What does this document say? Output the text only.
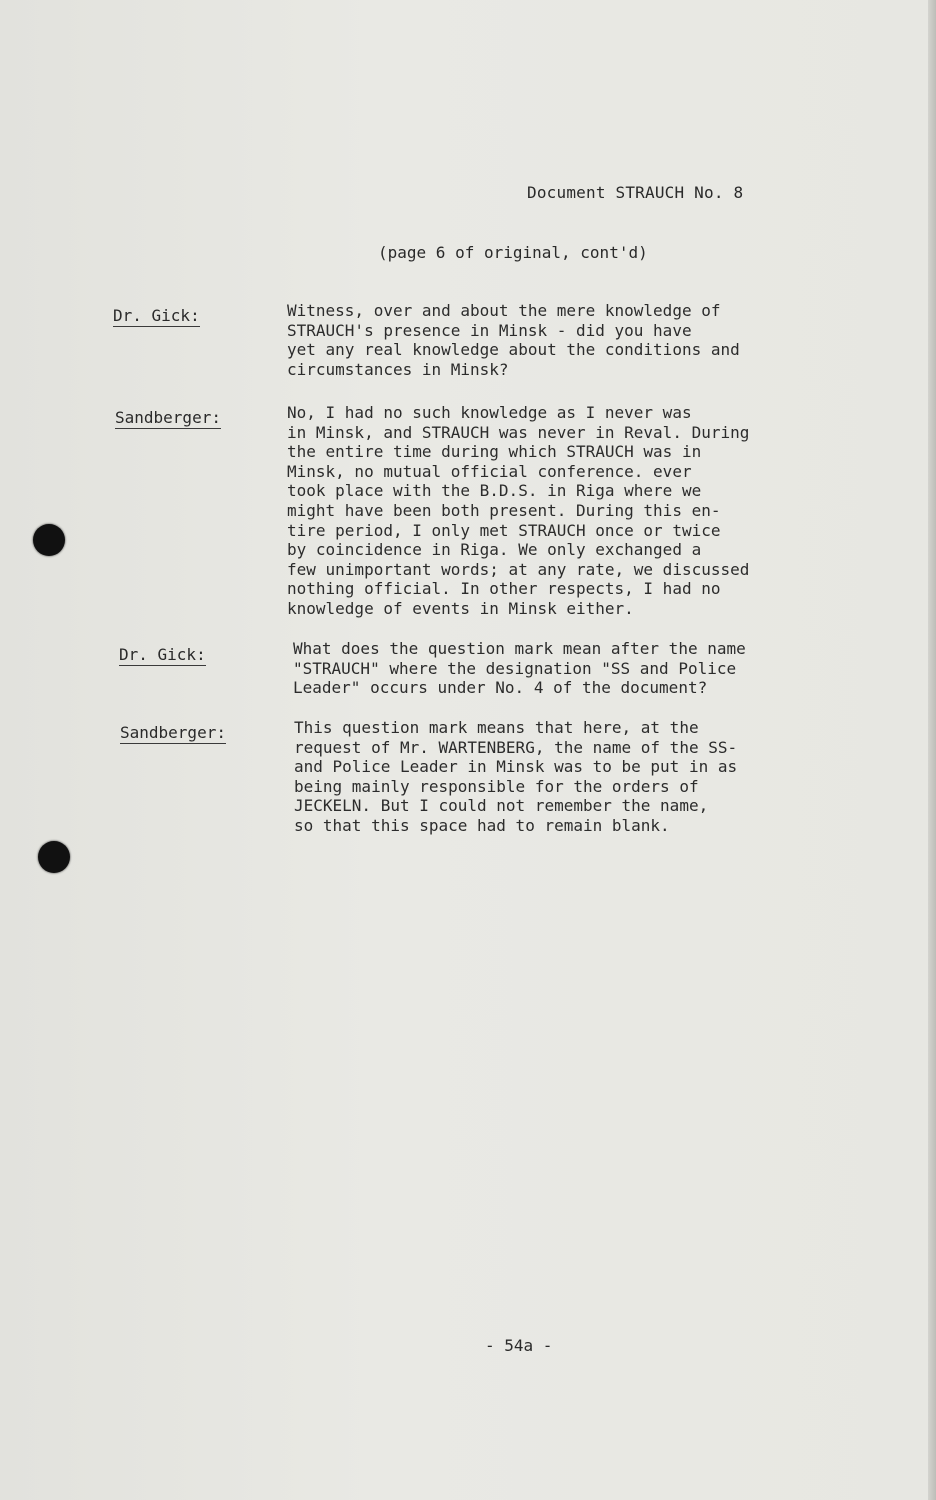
Document STRAUCH No. 8
(page 6 of original, cont'd)
Dr. Gick:	Witness, over and about the mere knowledge of
STRAUCH's presence in Minsk - did you have
yet any real knowledge about the conditions and
circumstances in Minsk?
Sandberger:	No, I had no such knowledge as I never was
in Minsk, and STRAUCH was never in Reval. During
the entire time during which STRAUCH was in
Minsk, no mutual official conference. ever
took place with the B.D.S. in Riga where we
might have been both present. During this en-
tire period, I only met STRAUCH once or twice
by coincidence in Riga. We only exchanged a
few unimportant words; at any rate, we discussed
nothing official. In other respects, I had no
knowledge of events in Minsk either.
Dr. Gick:	What does the question mark mean after the name
"STRAUCH" where the designation "SS and Police
Leader" occurs under No. 4 of the document?
Sandberger:	This question mark means that here, at the
request of Mr. WARTENBERG, the name of the SS-
and Police Leader in Minsk was to be put in as
being mainly responsible for the orders of
JECKELN. But I could not remember the name,
so that this space had to remain blank.
- 54a -
